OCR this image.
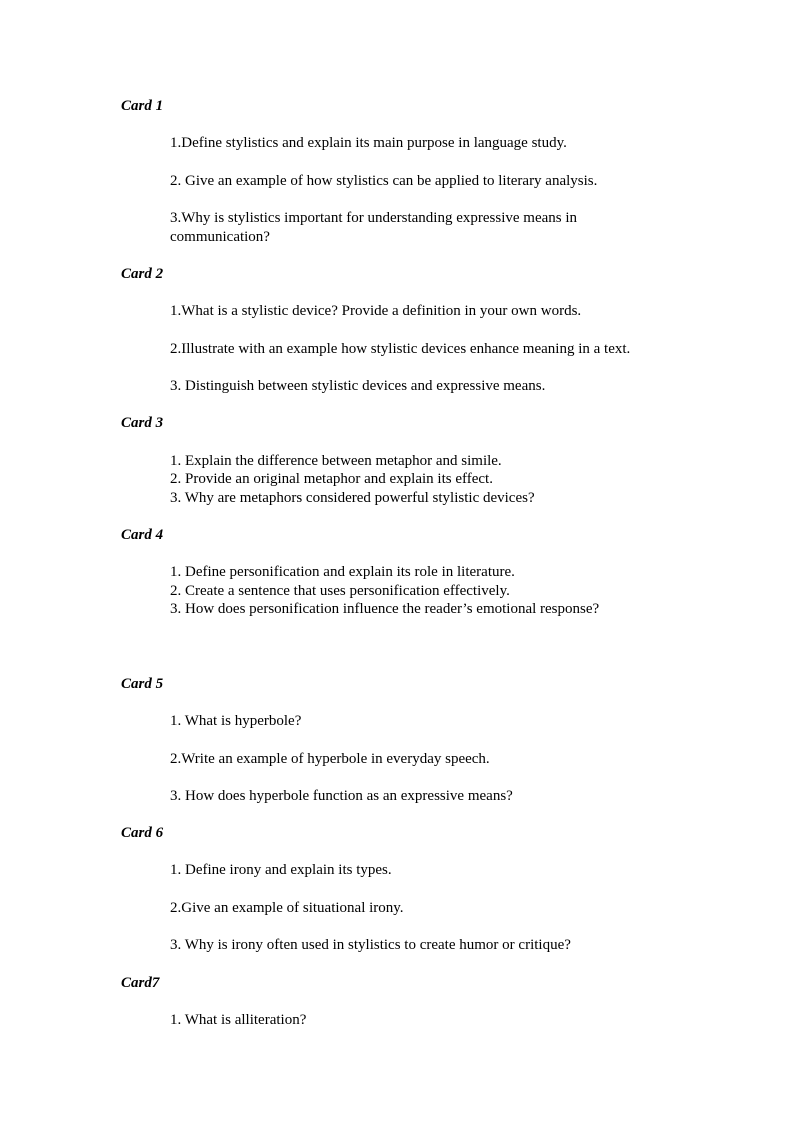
Card 1

1.Define stylistics and explain its main purpose in language study.

2. Give an example of how stylistics can be applied to literary analysis.

3.Why is stylistics important for understanding expressive means in communication?

Card 2

1.What is a stylistic device? Provide a definition in your own words.

2.Illustrate with an example how stylistic devices enhance meaning in a text.

3. Distinguish between stylistic devices and expressive means.

Card 3

1. Explain the difference between metaphor and simile.

2. Provide an original metaphor and explain its effect.

3. Why are metaphors considered powerful stylistic devices?

Card 4

1. Define personification and explain its role in literature.

2. Create a sentence that uses personification effectively.

3. How does personification influence the reader’s emotional response?

Card 5

1. What is hyperbole?

2.Write an example of hyperbole in everyday speech.

3. How does hyperbole function as an expressive means?

Card 6

1. Define irony and explain its types.

2.Give an example of situational irony.

3. Why is irony often used in stylistics to create humor or critique?

Card7

1. What is alliteration?
